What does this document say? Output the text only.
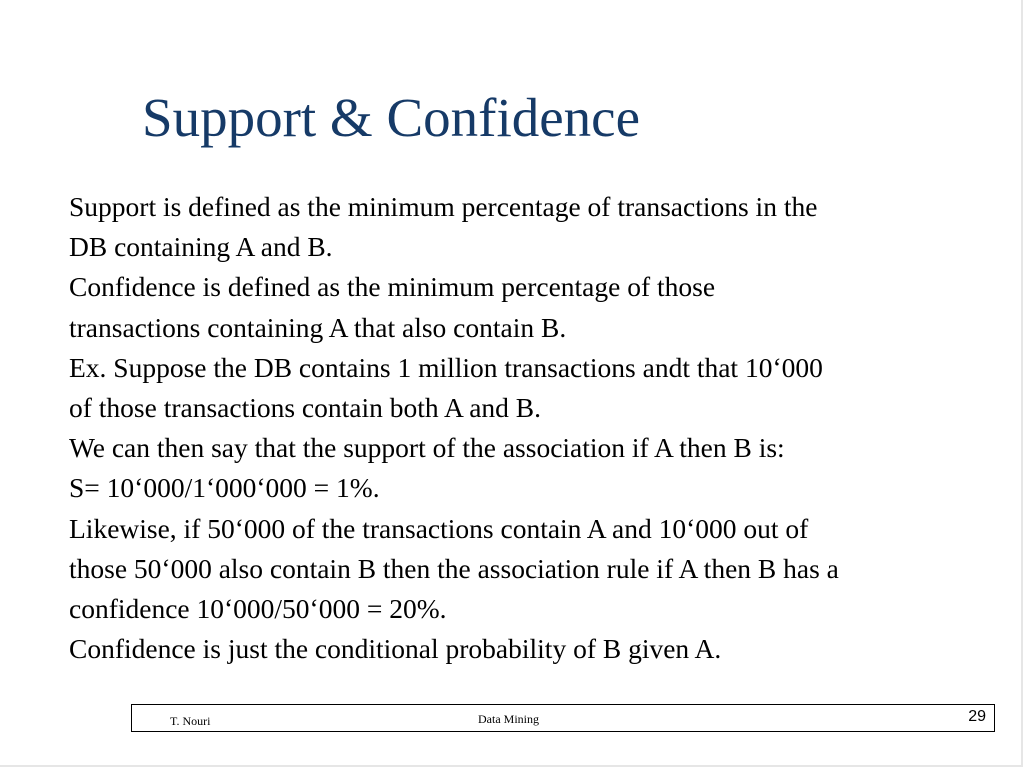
Support & Confidence
Support is defined as the minimum percentage of transactions in the
DB containing A and B.
Confidence is defined as the minimum percentage of those
transactions containing A that also contain B.
Ex. Suppose the DB contains 1 million transactions andt that 10‘000
of those transactions contain both A and B.
We can then say that the support of the association if A then B is:
S= 10‘000/1‘000‘000 = 1%.
Likewise, if 50‘000 of the transactions contain A and 10‘000 out of
those 50‘000 also contain B then the association rule if A then B has a
confidence 10‘000/50‘000 = 20%.
Confidence is just the conditional probability of B given A.
T. Nouri	Data Mining	29
